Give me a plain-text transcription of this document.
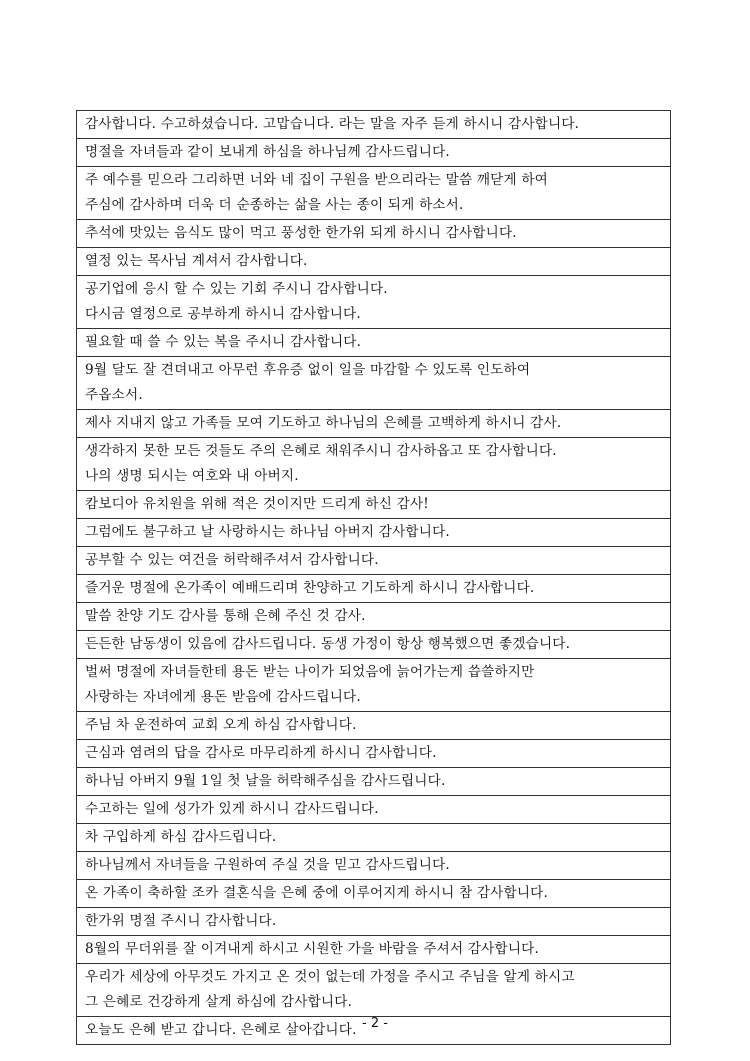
감사합니다. 수고하셨습니다. 고맙습니다. 라는 말을 자주 듣게 하시니 감사합니다.
명절을 자녀들과 같이 보내게 하심을 하나님께 감사드립니다.
주 예수를 믿으라 그리하면 너와 네 집이 구원을 받으리라는 말씀 깨닫게 하여
주심에 감사하며 더욱 더 순종하는 삶을 사는 종이 되게 하소서.
추석에 맛있는 음식도 많이 먹고 풍성한 한가위 되게 하시니 감사합니다.
열정 있는 목사님 계셔서 감사합니다.
공기업에 응시 할 수 있는 기회 주시니 감사합니다.
다시금 열정으로 공부하게 하시니 감사합니다.
필요할 때 쓸 수 있는 복을 주시니 감사합니다.
9월 달도 잘 견뎌내고 아무런 후유증 없이 일을 마감할 수 있도록 인도하여
주옵소서.
제사 지내지 않고 가족들 모여 기도하고 하나님의 은혜를 고백하게 하시니 감사.
생각하지 못한 모든 것들도 주의 은혜로 채워주시니 감사하옵고 또 감사합니다.
나의 생명 되시는 여호와 내 아버지.
캄보디아 유치원을 위해 적은 것이지만 드리게 하신 감사!
그럼에도 불구하고 날 사랑하시는 하나님 아버지 감사합니다.
공부할 수 있는 여건을 허락해주셔서 감사합니다.
즐거운 명절에 온가족이 예배드리며 찬양하고 기도하게 하시니 감사합니다.
말씀 찬양 기도 감사를 통해 은혜 주신 것 감사.
든든한 남동생이 있음에 감사드립니다. 동생 가정이 항상 행복했으면 좋겠습니다.
벌써 명절에 자녀들한테 용돈 받는 나이가 되었음에 늙어가는게 씁쓸하지만
사랑하는 자녀에게 용돈 받음에 감사드립니다.
주님 차 운전하여 교회 오게 하심 감사합니다.
근심과 염려의 답을 감사로 마무리하게 하시니 감사합니다.
하나님 아버지 9월 1일 첫 날을 허락해주심을 감사드립니다.
수고하는 일에 성가가 있게 하시니 감사드립니다.
차 구입하게 하심 감사드립니다.
하나님께서 자녀들을 구원하여 주실 것을 믿고 감사드립니다.
온 가족이 축하할 조카 결혼식을 은혜 중에 이루어지게 하시니 참 감사합니다.
한가위 명절 주시니 감사합니다.
8월의 무더위를 잘 이겨내게 하시고 시원한 가을 바람을 주셔서 감사합니다.
우리가 세상에 아무것도 가지고 온 것이 없는데 가정을 주시고 주님을 알게 하시고
그 은혜로 건강하게 살게 하심에 감사합니다.
오늘도 은혜 받고 갑니다. 은혜로 살아갑니다. - 2 -
